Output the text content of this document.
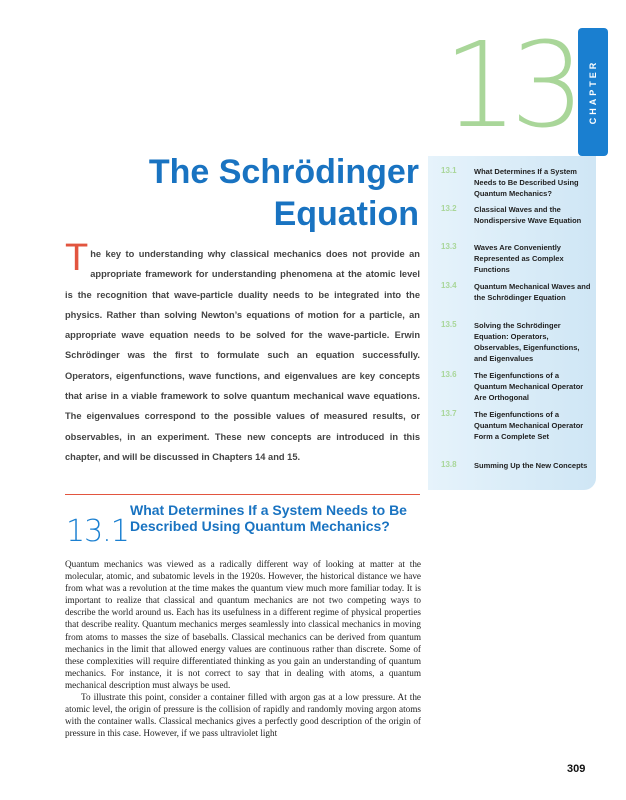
13 CHAPTER
The Schrödinger
Equation
13.1 What Determines If a System Needs to Be Described Using Quantum Mechanics?
13.2 Classical Waves and the Nondispersive Wave Equation
13.3 Waves Are Conveniently Represented as Complex Functions
13.4 Quantum Mechanical Waves and the Schrödinger Equation
13.5 Solving the Schrödinger Equation: Operators, Observables, Eigenfunctions, and Eigenvalues
13.6 The Eigenfunctions of a Quantum Mechanical Operator Are Orthogonal
13.7 The Eigenfunctions of a Quantum Mechanical Operator Form a Complete Set
13.8 Summing Up the New Concepts
The key to understanding why classical mechanics does not provide an appropriate framework for understanding phenomena at the atomic level is the recognition that wave-particle duality needs to be integrated into the physics. Rather than solving Newton’s equations of motion for a particle, an appropriate wave equation needs to be solved for the wave-particle. Erwin Schrödinger was the first to formulate such an equation successfully. Operators, eigenfunctions, wave functions, and eigenvalues are key concepts that arise in a viable framework to solve quantum mechanical wave equations. The eigenvalues correspond to the possible values of measured results, or observables, in an experiment. These new concepts are introduced in this chapter, and will be discussed in Chapters 14 and 15.
13.1
What Determines If a System Needs to Be Described Using Quantum Mechanics?

Quantum mechanics was viewed as a radically different way of looking at matter at the molecular, atomic, and subatomic levels in the 1920s. However, the historical distance we have from what was a revolution at the time makes the quantum view much more familiar today. It is important to realize that classical and quantum mechanics are not two competing ways to describe the world around us. Each has its usefulness in a different regime of physical properties that describe reality. Quantum mechanics merges seamlessly into classical mechanics in moving from atoms to masses the size of baseballs. Classical mechanics can be derived from quantum mechanics in the limit that allowed energy values are continuous rather than discrete. Some of these complexities will require differentiated thinking as you gain an understanding of quantum mechanics. For instance, it is not correct to say that in dealing with atoms, a quantum mechanical description must always be used.

To illustrate this point, consider a container filled with argon gas at a low pressure. At the atomic level, the origin of pressure is the collision of rapidly and randomly moving argon atoms with the container walls. Classical mechanics gives a perfectly good description of the origin of pressure in this case. However, if we pass ultraviolet light

309
